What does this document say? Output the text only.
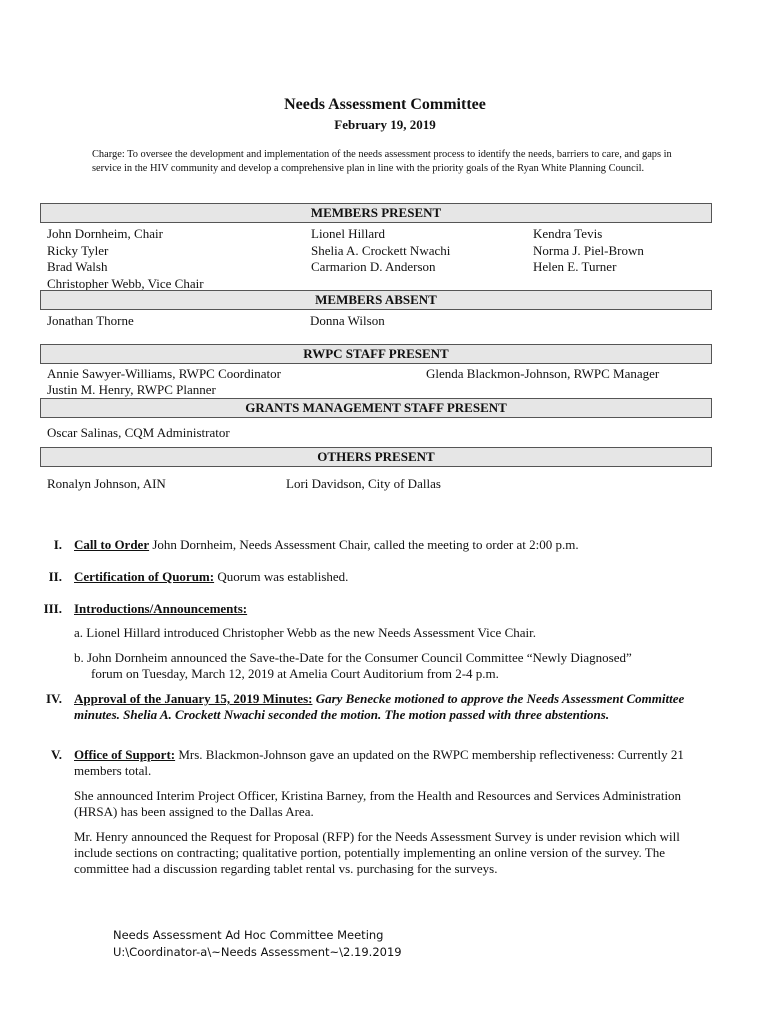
Needs Assessment Committee
February 19, 2019
Charge: To oversee the development and implementation of the needs assessment process to identify the needs, barriers to care, and gaps in service in the HIV community and develop a comprehensive plan in line with the priority goals of the Ryan White Planning Council.
MEMBERS PRESENT
John Dornheim, Chair
Ricky Tyler
Brad Walsh
Christopher Webb, Vice Chair
Lionel Hillard
Shelia A. Crockett Nwachi
Carmarion D. Anderson
Kendra Tevis
Norma J. Piel-Brown
Helen E. Turner
MEMBERS ABSENT
Jonathan Thorne	Donna Wilson
RWPC STAFF PRESENT
Annie Sawyer-Williams, RWPC Coordinator
Justin M. Henry, RWPC Planner
Glenda Blackmon-Johnson, RWPC Manager
GRANTS MANAGEMENT STAFF PRESENT
Oscar Salinas, CQM Administrator
OTHERS PRESENT
Ronalyn Johnson, AIN	Lori Davidson, City of Dallas
I. Call to Order John Dornheim, Needs Assessment Chair, called the meeting to order at 2:00 p.m.
II. Certification of Quorum: Quorum was established.
III. Introductions/Announcements:
a. Lionel Hillard introduced Christopher Webb as the new Needs Assessment Vice Chair.
b. John Dornheim announced the Save-the-Date for the Consumer Council Committee “Newly Diagnosed” forum on Tuesday, March 12, 2019 at Amelia Court Auditorium from 2-4 p.m.
IV. Approval of the January 15, 2019 Minutes: Gary Benecke motioned to approve the Needs Assessment Committee minutes. Shelia A. Crockett Nwachi seconded the motion. The motion passed with three abstentions.
V. Office of Support: Mrs. Blackmon-Johnson gave an updated on the RWPC membership reflectiveness: Currently 21 members total.
She announced Interim Project Officer, Kristina Barney, from the Health and Resources and Services Administration (HRSA) has been assigned to the Dallas Area.
Mr. Henry announced the Request for Proposal (RFP) for the Needs Assessment Survey is under revision which will include sections on contracting; qualitative portion, potentially implementing an online version of the survey. The committee had a discussion regarding tablet rental vs. purchasing for the surveys.
Needs Assessment Ad Hoc Committee Meeting
U:\Coordinator-a\~Needs Assessment~\2.19.2019
